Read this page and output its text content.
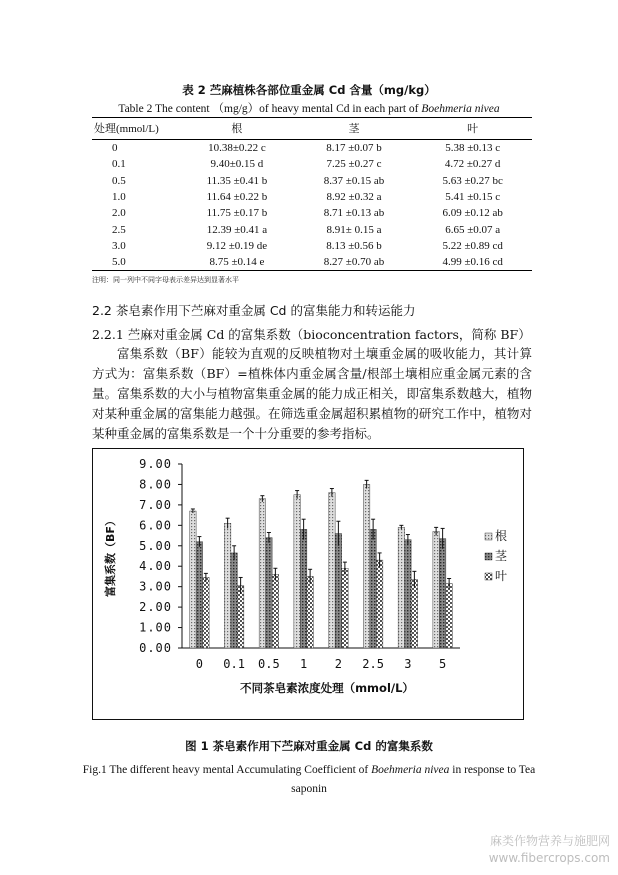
表 2 苎麻植株各部位重金属 Cd 含量（mg/kg）
Table 2 The content （mg/g）of heavy mental Cd in each part of Boehmeria nivea
处理(mmol/L)	根	茎	叶
0	10.38±0.22 c	8.17 ±0.07 b	5.38 ±0.13 c
0.1	9.40±0.15 d	7.25 ±0.27 c	4.72 ±0.27 d
0.5	11.35 ±0.41 b	8.37 ±0.15 ab	5.63 ±0.27 bc
1.0	11.64 ±0.22 b	8.92 ±0.32 a	5.41 ±0.15 c
2.0	11.75 ±0.17 b	8.71 ±0.13 ab	6.09 ±0.12 ab
2.5	12.39 ±0.41 a	8.91± 0.15 a	6.65 ±0.07 a
3.0	9.12 ±0.19 de	8.13 ±0.56 b	5.22 ±0.89 cd
5.0	8.75 ±0.14 e	8.27 ±0.70 ab	4.99 ±0.16 cd
注明：同一列中不同字母表示差异达到显著水平
2.2 茶皂素作用下苎麻对重金属 Cd 的富集能力和转运能力
2.2.1 苎麻对重金属 Cd 的富集系数（bioconcentration factors，简称 BF）
富集系数（BF）能较为直观的反映植物对土壤重金属的吸收能力，其计算方式为：富集系数（BF）=植株体内重金属含量/根部土壤相应重金属元素的含量。富集系数的大小与植物富集重金属的能力成正相关，即富集系数越大，植物对某种重金属的富集能力越强。在筛选重金属超积累植物的研究工作中，植物对某种重金属的富集系数是一个十分重要的参考指标。
0.00
1.00
2.00
3.00
4.00
5.00
6.00
7.00
8.00
9.00
富集系数（BF）
0 0.1 0.5 1 2 2.5 3 5
不同茶皂素浓度处理（mmol/L）
根
茎
叶
图 1 茶皂素作用下苎麻对重金属 Cd 的富集系数
Fig.1 The different heavy mental Accumulating Coefficient of Boehmeria nivea in response to Tea saponin
麻类作物营养与施肥网
www.fibercrops.com
